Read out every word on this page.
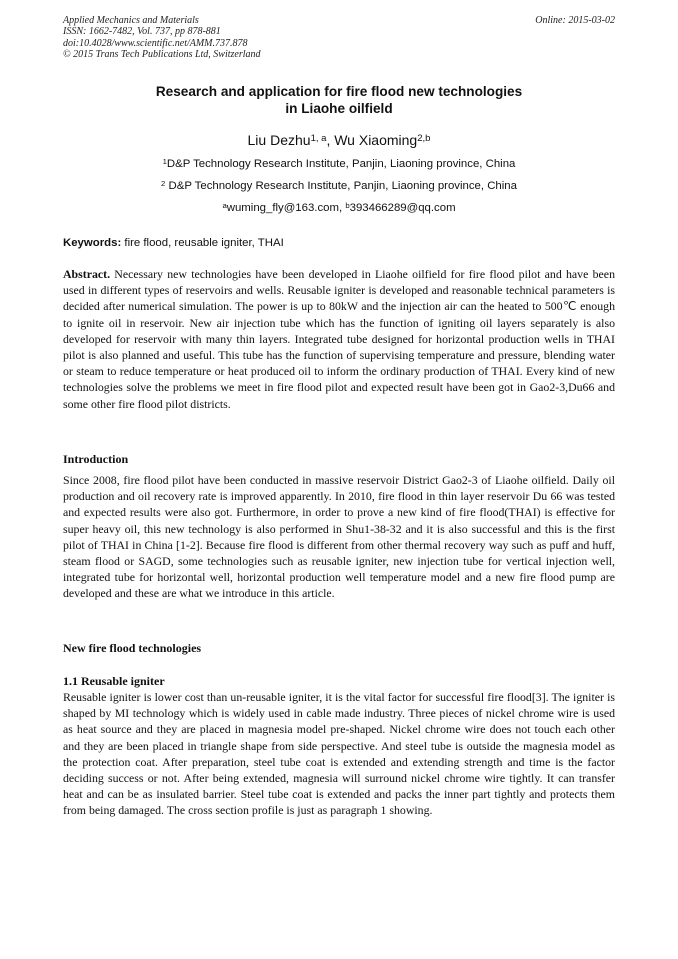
Applied Mechanics and Materials
ISSN: 1662-7482, Vol. 737, pp 878-881
doi:10.4028/www.scientific.net/AMM.737.878
© 2015 Trans Tech Publications Ltd, Switzerland
Online: 2015-03-02
Research and application for fire flood new technologies
in Liaohe oilfield
Liu Dezhu$^{1, a}$, Wu Xiaoming$^{2,b}$
$^1$D&P Technology Research Institute, Panjin, Liaoning province, China
$^2$ D&P Technology Research Institute, Panjin, Liaoning province, China
$^a$wuming_fly@163.com, $^b$393466289@qq.com
Keywords: fire flood, reusable igniter, THAI
Abstract. Necessary new technologies have been developed in Liaohe oilfield for fire flood pilot and have been used in different types of reservoirs and wells. Reusable igniter is developed and reasonable technical parameters is decided after numerical simulation. The power is up to 80kW and the injection air can the heated to 500℃ enough to ignite oil in reservoir. New air injection tube which has the function of igniting oil layers separately is also developed for reservoir with many thin layers. Integrated tube designed for horizontal production wells in THAI pilot is also planned and useful. This tube has the function of supervising temperature and pressure, blending water or steam to reduce temperature or heat produced oil to inform the ordinary production of THAI. Every kind of new technologies solve the problems we meet in fire flood pilot and expected result have been got in Gao2-3,Du66 and some other fire flood pilot districts.
Introduction
Since 2008, fire flood pilot have been conducted in massive reservoir District Gao2-3 of Liaohe oilfield. Daily oil production and oil recovery rate is improved apparently. In 2010, fire flood in thin layer reservoir Du 66 was tested and expected results were also got. Furthermore, in order to prove a new kind of fire flood(THAI) is effective for super heavy oil, this new technology is also performed in Shu1-38-32 and it is also successful and this is the first pilot of THAI in China [1-2]. Because fire flood is different from other thermal recovery way such as puff and huff, steam flood or SAGD, some technologies such as reusable igniter, new injection tube for vertical injection well, integrated tube for horizontal well, horizontal production well temperature model and a new fire flood pump are developed and these are what we introduce in this article.
New fire flood technologies
1.1 Reusable igniter
Reusable igniter is lower cost than un-reusable igniter, it is the vital factor for successful fire flood[3]. The igniter is shaped by MI technology which is widely used in cable made industry. Three pieces of nickel chrome wire is used as heat source and they are placed in magnesia model pre-shaped. Nickel chrome wire does not touch each other and they are been placed in triangle shape from side perspective. And steel tube is outside the magnesia model as the protection coat. After preparation, steel tube coat is extended and extending strength and time is the factor deciding success or not. After being extended, magnesia will surround nickel chrome wire tightly. It can transfer heat and can be as insulated barrier. Steel tube coat is extended and packs the inner part tightly and protects them from being damaged. The cross section profile is just as paragraph 1 showing.
